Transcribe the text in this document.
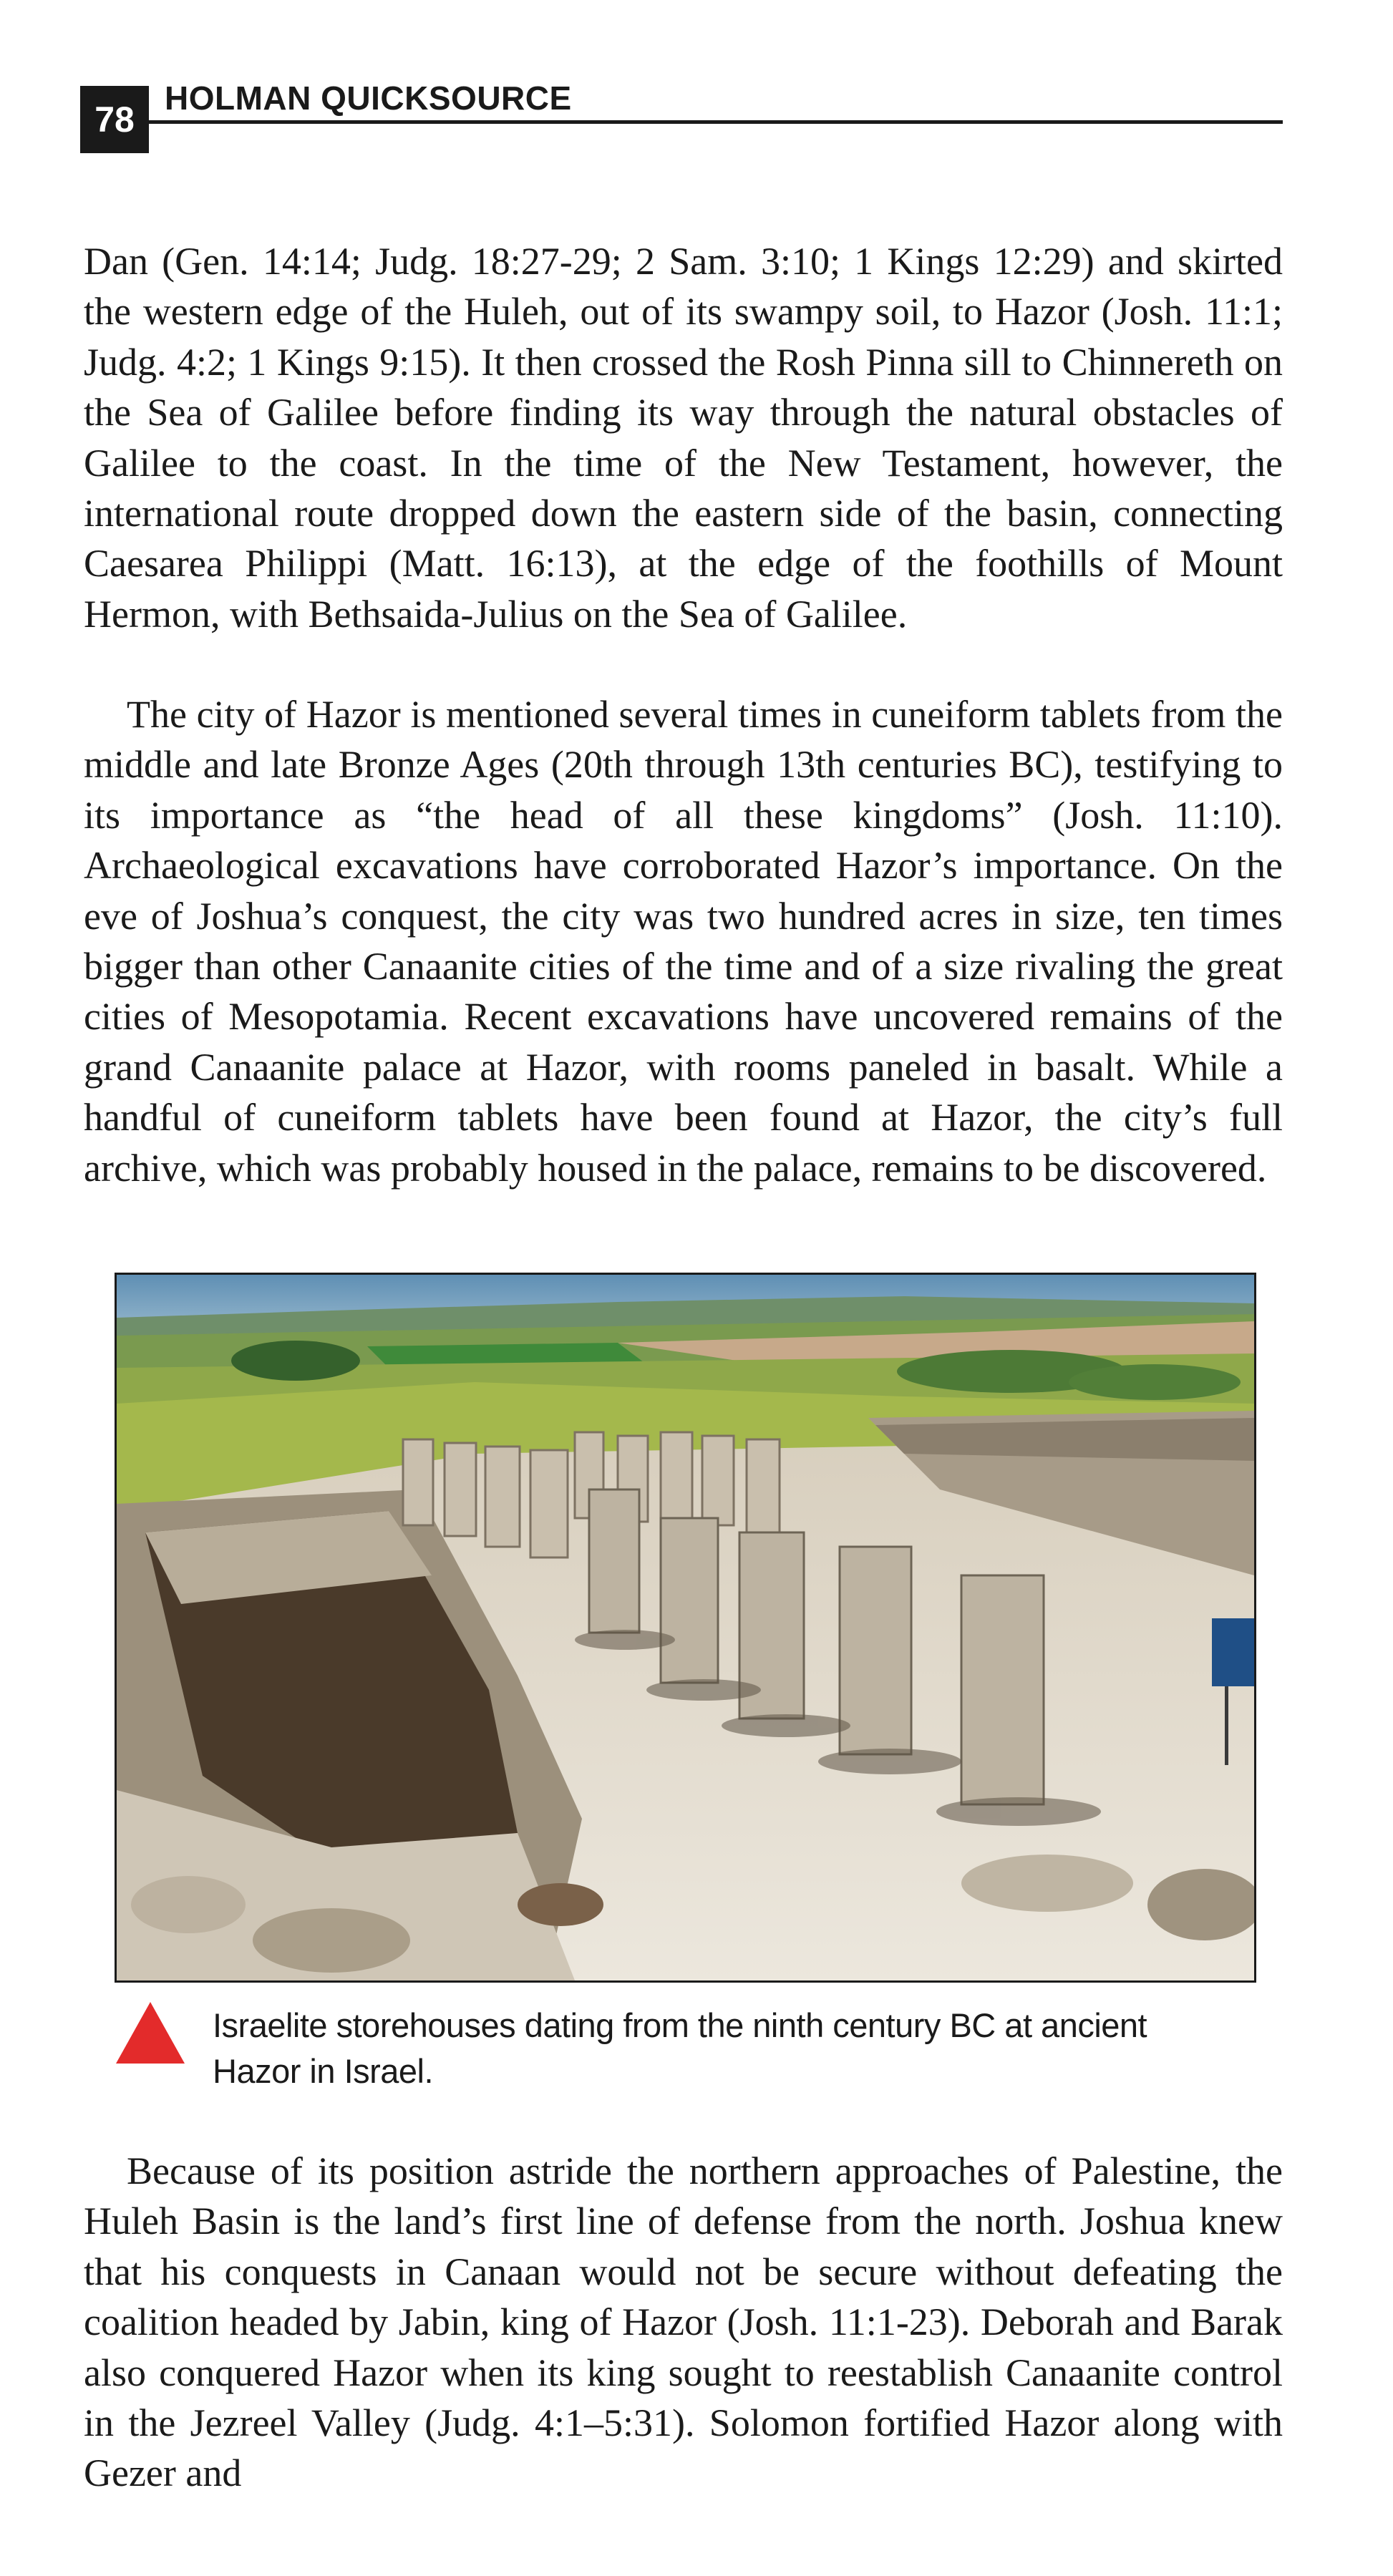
78
HOLMAN QUICKSOURCE

Dan (Gen. 14:14; Judg. 18:27-29; 2 Sam. 3:10; 1 Kings 12:29) and skirted the western edge of the Huleh, out of its swampy soil, to Hazor (Josh. 11:1; Judg. 4:2; 1 Kings 9:15). It then crossed the Rosh Pinna sill to Chinnereth on the Sea of Galilee before finding its way through the natural obstacles of Galilee to the coast. In the time of the New Testament, however, the international route dropped down the eastern side of the basin, connecting Caesarea Philippi (Matt. 16:13), at the edge of the foothills of Mount Hermon, with Bethsaida-Julius on the Sea of Galilee.

The city of Hazor is mentioned several times in cuneiform tablets from the middle and late Bronze Ages (20th through 13th centuries BC), testifying to its importance as “the head of all these kingdoms” (Josh. 11:10). Archaeological excavations have corroborated Hazor’s importance. On the eve of Joshua’s conquest, the city was two hundred acres in size, ten times bigger than other Canaanite cities of the time and of a size rivaling the great cities of Mesopotamia. Recent excavations have uncovered remains of the grand Canaanite palace at Hazor, with rooms paneled in basalt. While a handful of cuneiform tablets have been found at Hazor, the city’s full archive, which was probably housed in the palace, remains to be discovered.

Israelite storehouses dating from the ninth century BC at ancient Hazor in Israel.

Because of its position astride the northern approaches of Palestine, the Huleh Basin is the land’s first line of defense from the north. Joshua knew that his conquests in Canaan would not be secure without defeating the coalition headed by Jabin, king of Hazor (Josh. 11:1-23). Deborah and Barak also conquered Hazor when its king sought to reestablish Canaanite control in the Jezreel Valley (Judg. 4:1–5:31). Solomon fortified Hazor along with Gezer and
